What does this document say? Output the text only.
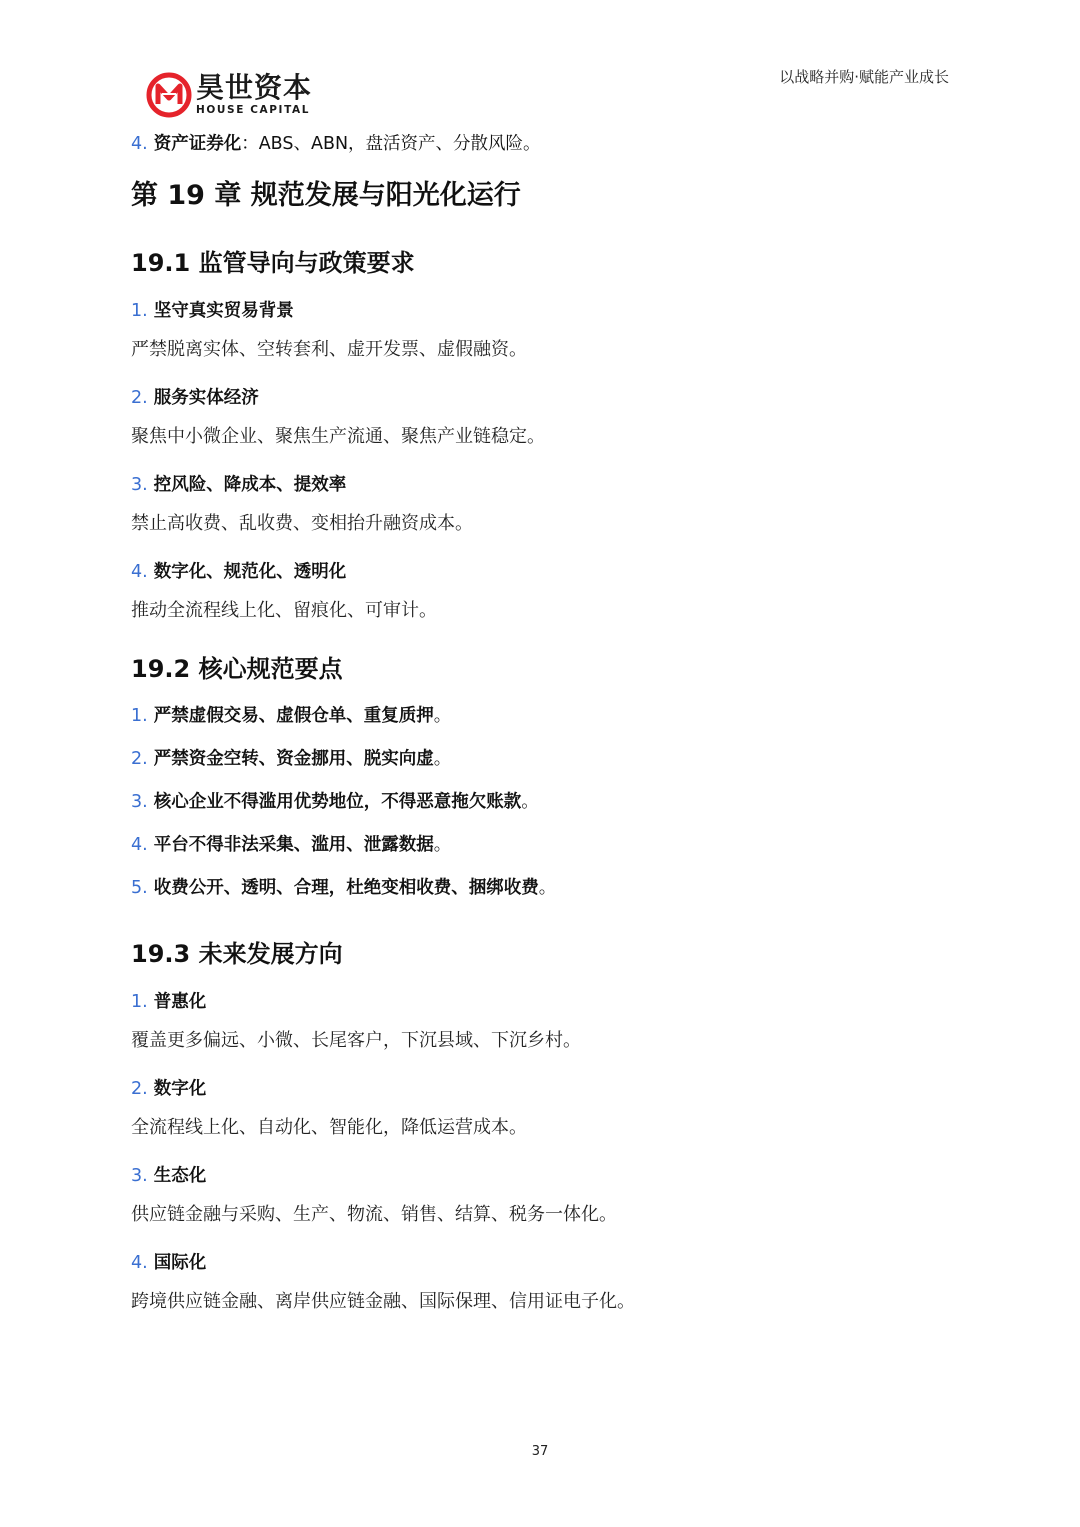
昊世资本
HOUSE CAPITAL
以战略并购·赋能产业成长

4. 资产证券化：ABS、ABN，盘活资产、分散风险。

第 19 章 规范发展与阳光化运行
19.1 监管导向与政策要求

1. 坚守真实贸易背景

严禁脱离实体、空转套利、虚开发票、虚假融资。

2. 服务实体经济

聚焦中小微企业、聚焦生产流通、聚焦产业链稳定。

3. 控风险、降成本、提效率

禁止高收费、乱收费、变相抬升融资成本。

4. 数字化、规范化、透明化

推动全流程线上化、留痕化、可审计。

19.2 核心规范要点

1. 严禁虚假交易、虚假仓单、重复质押。

2. 严禁资金空转、资金挪用、脱实向虚。

3. 核心企业不得滥用优势地位，不得恶意拖欠账款。

4. 平台不得非法采集、滥用、泄露数据。

5. 收费公开、透明、合理，杜绝变相收费、捆绑收费。

19.3 未来发展方向

1. 普惠化

覆盖更多偏远、小微、长尾客户，下沉县域、下沉乡村。

2. 数字化

全流程线上化、自动化、智能化，降低运营成本。

3. 生态化

供应链金融与采购、生产、物流、销售、结算、税务一体化。

4. 国际化

跨境供应链金融、离岸供应链金融、国际保理、信用证电子化。

37
